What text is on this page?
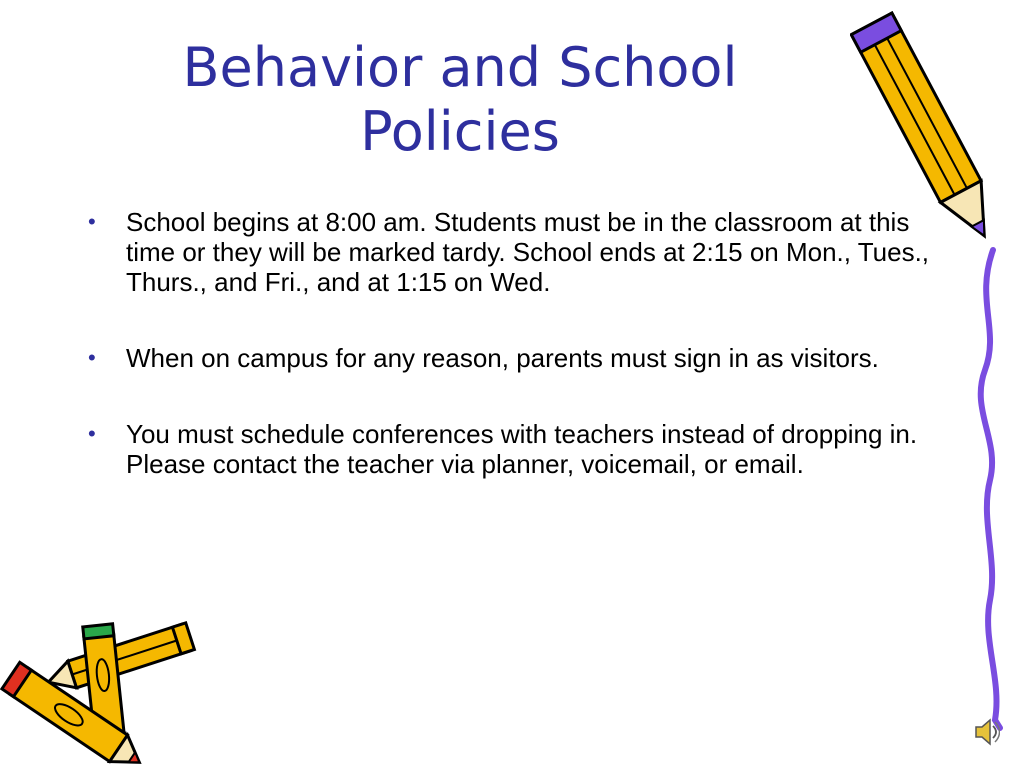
Behavior and School
Policies
• School begins at 8:00 am. Students must be in the classroom at this time or they will be marked tardy. School ends at 2:15 on Mon., Tues., Thurs., and Fri., and at 1:15 on Wed.
• When on campus for any reason, parents must sign in as visitors.
• You must schedule conferences with teachers instead of dropping in. Please contact the teacher via planner, voicemail, or email.
